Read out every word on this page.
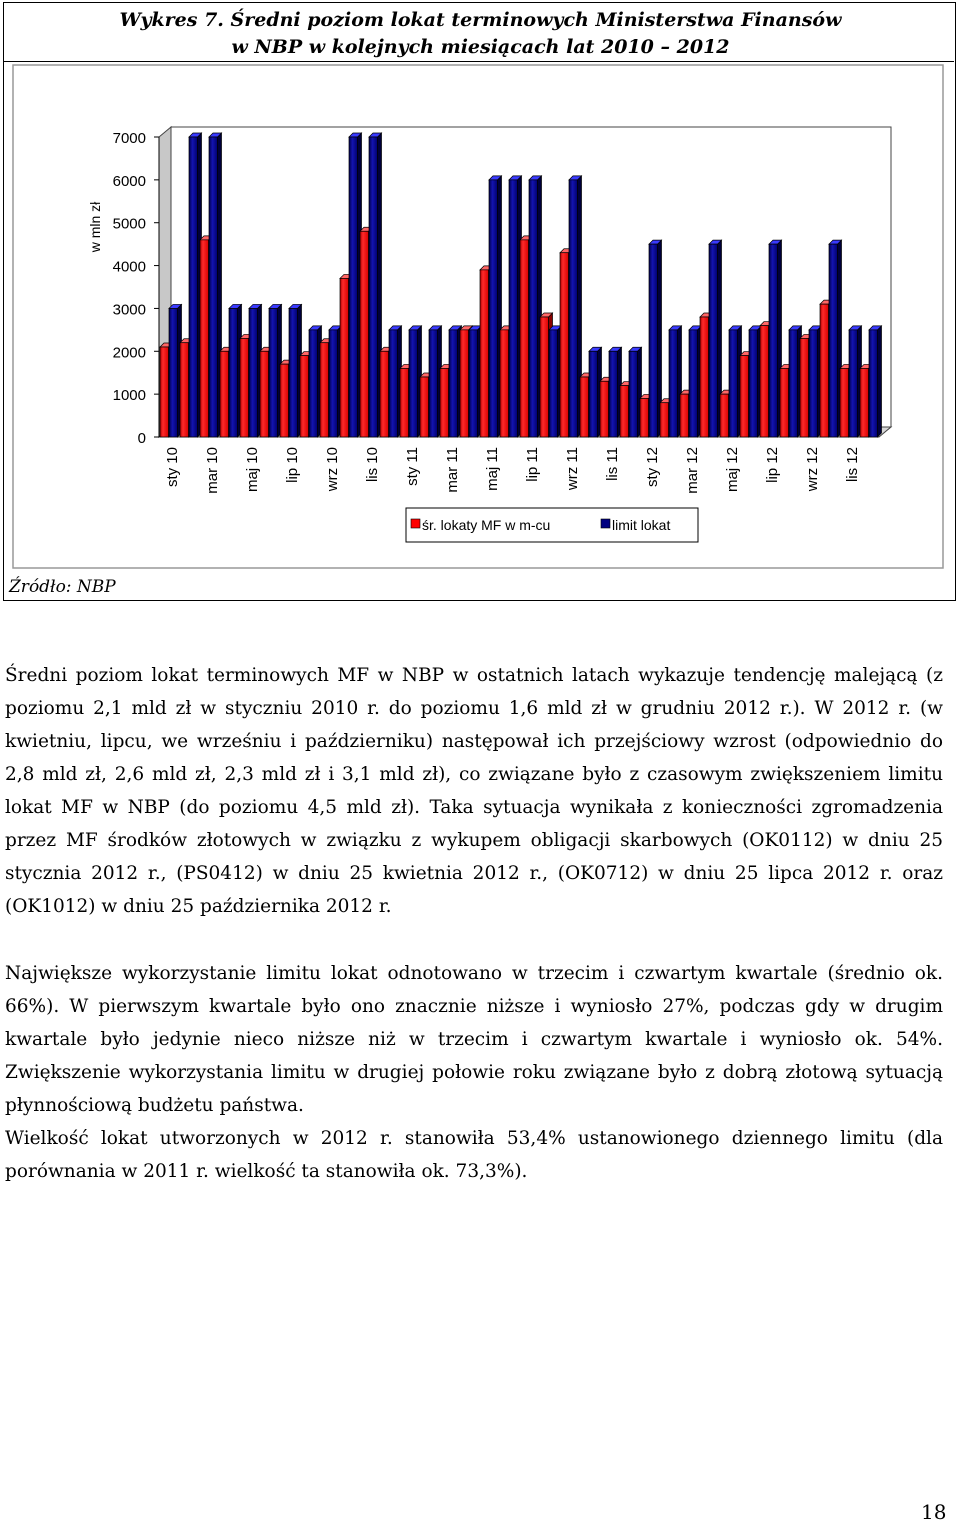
Wykres 7. Średni poziom lokat terminowych Ministerstwa Finansów
w NBP w kolejnych miesiącach lat 2010 – 2012
0
1000
2000
3000
4000
5000
6000
7000
w mln zł
sty 10 mar 10 maj 10 lip 10 wrz 10 lis 10 sty 11 mar 11 maj 11 lip 11 wrz 11 lis 11 sty 12 mar 12 maj 12 lip 12 wrz 12 lis 12
śr. lokaty MF w m-cu	limit lokat
Źródło: NBP

Średni poziom lokat terminowych MF w NBP w ostatnich latach wykazuje tendencję malejącą (z poziomu 2,1 mld zł w styczniu 2010 r. do poziomu 1,6 mld zł w grudniu 2012 r.). W 2012 r. (w kwietniu, lipcu, we wrześniu i październiku) następował ich przejściowy wzrost (odpowiednio do 2,8 mld zł, 2,6 mld zł, 2,3 mld zł i 3,1 mld zł), co związane było z czasowym zwiększeniem limitu lokat MF w NBP (do poziomu 4,5 mld zł). Taka sytuacja wynikała z konieczności zgromadzenia przez MF środków złotowych w związku z wykupem obligacji skarbowych (OK0112) w dniu 25 stycznia 2012 r., (PS0412) w dniu 25 kwietnia 2012 r., (OK0712) w dniu 25 lipca 2012 r. oraz (OK1012) w dniu 25 października 2012 r.

Największe wykorzystanie limitu lokat odnotowano w trzecim i czwartym kwartale (średnio ok. 66%). W pierwszym kwartale było ono znacznie niższe i wyniosło 27%, podczas gdy w drugim kwartale było jedynie nieco niższe niż w trzecim i czwartym kwartale i wyniosło ok. 54%. Zwiększenie wykorzystania limitu w drugiej połowie roku związane było z dobrą złotową sytuacją płynnościową budżetu państwa.

Wielkość lokat utworzonych w 2012 r. stanowiła 53,4% ustanowionego dziennego limitu (dla porównania w 2011 r. wielkość ta stanowiła ok. 73,3%).

18
